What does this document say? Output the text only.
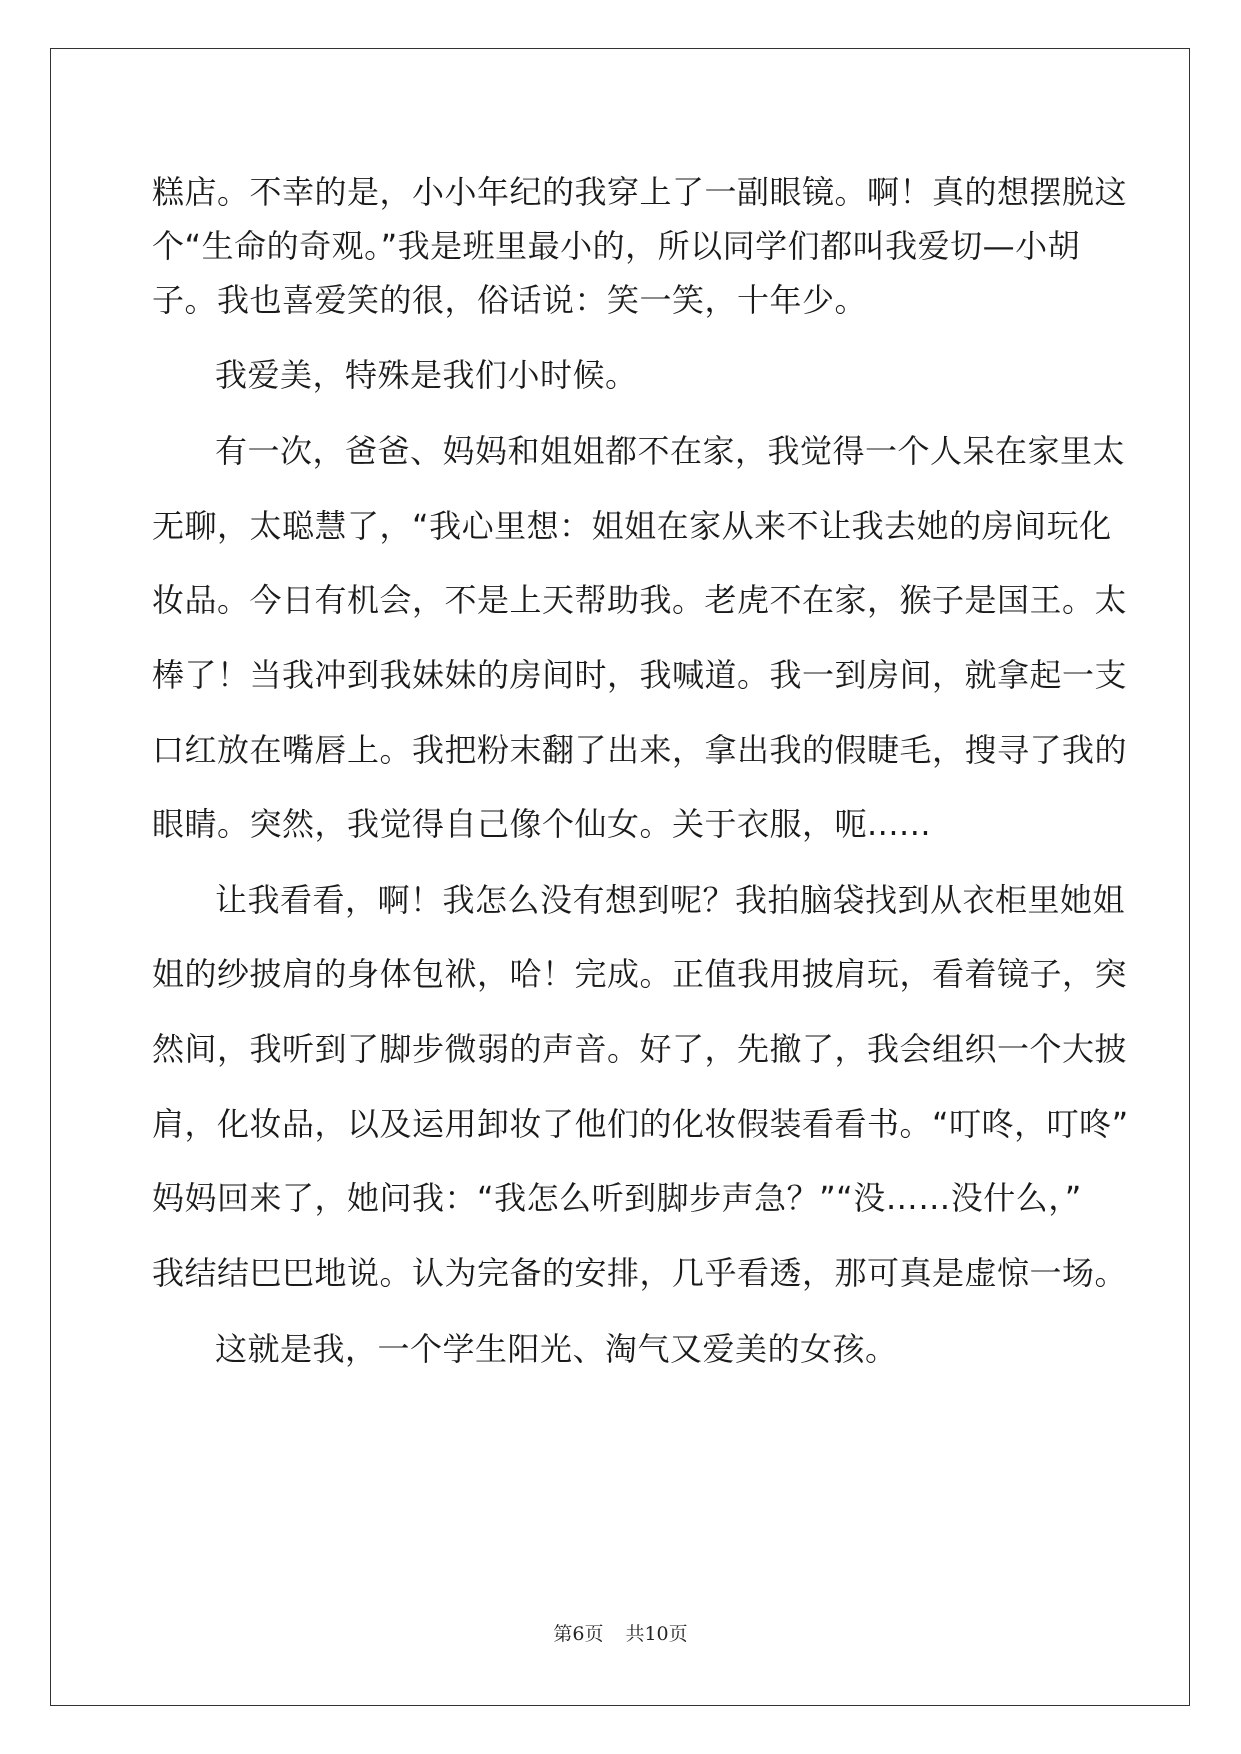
糕店。不幸的是，小小年纪的我穿上了一副眼镜。啊！真的想摆脱这
个“生命的奇观。”我是班里最小的，所以同学们都叫我爱切—小胡
子。我也喜爱笑的很，俗话说：笑一笑，十年少。
我爱美，特殊是我们小时候。
有一次，爸爸、妈妈和姐姐都不在家，我觉得一个人呆在家里太
无聊，太聪慧了，“我心里想：姐姐在家从来不让我去她的房间玩化
妆品。今日有机会，不是上天帮助我。老虎不在家，猴子是国王。太
棒了！当我冲到我妹妹的房间时，我喊道。我一到房间，就拿起一支
口红放在嘴唇上。我把粉末翻了出来，拿出我的假睫毛，搜寻了我的
眼睛。突然，我觉得自己像个仙女。关于衣服，呃......
让我看看，啊！我怎么没有想到呢？我拍脑袋找到从衣柜里她姐
姐的纱披肩的身体包袱，哈！完成。正值我用披肩玩，看着镜子，突
然间，我听到了脚步微弱的声音。好了，先撤了，我会组织一个大披
肩，化妆品，以及运用卸妆了他们的化妆假装看看书。“叮咚，叮咚”
妈妈回来了，她问我：“我怎么听到脚步声急？”“没……没什么，”
我结结巴巴地说。认为完备的安排，几乎看透，那可真是虚惊一场。
这就是我，一个学生阳光、淘气又爱美的女孩。
第6页 共10页
